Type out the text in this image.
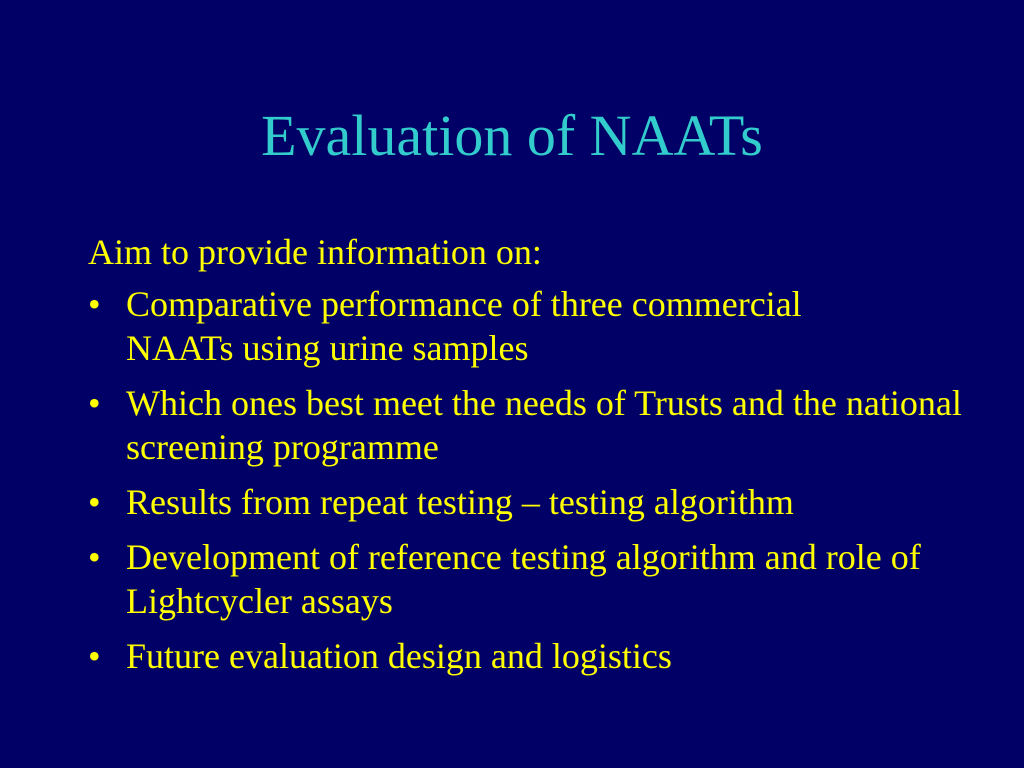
Evaluation of NAATs

Aim to provide information on:

• Comparative performance of three commercial NAATs using urine samples
• Which ones best meet the needs of Trusts and the national screening programme
• Results from repeat testing – testing algorithm
• Development of reference testing algorithm and role of Lightcycler assays
• Future evaluation design and logistics
